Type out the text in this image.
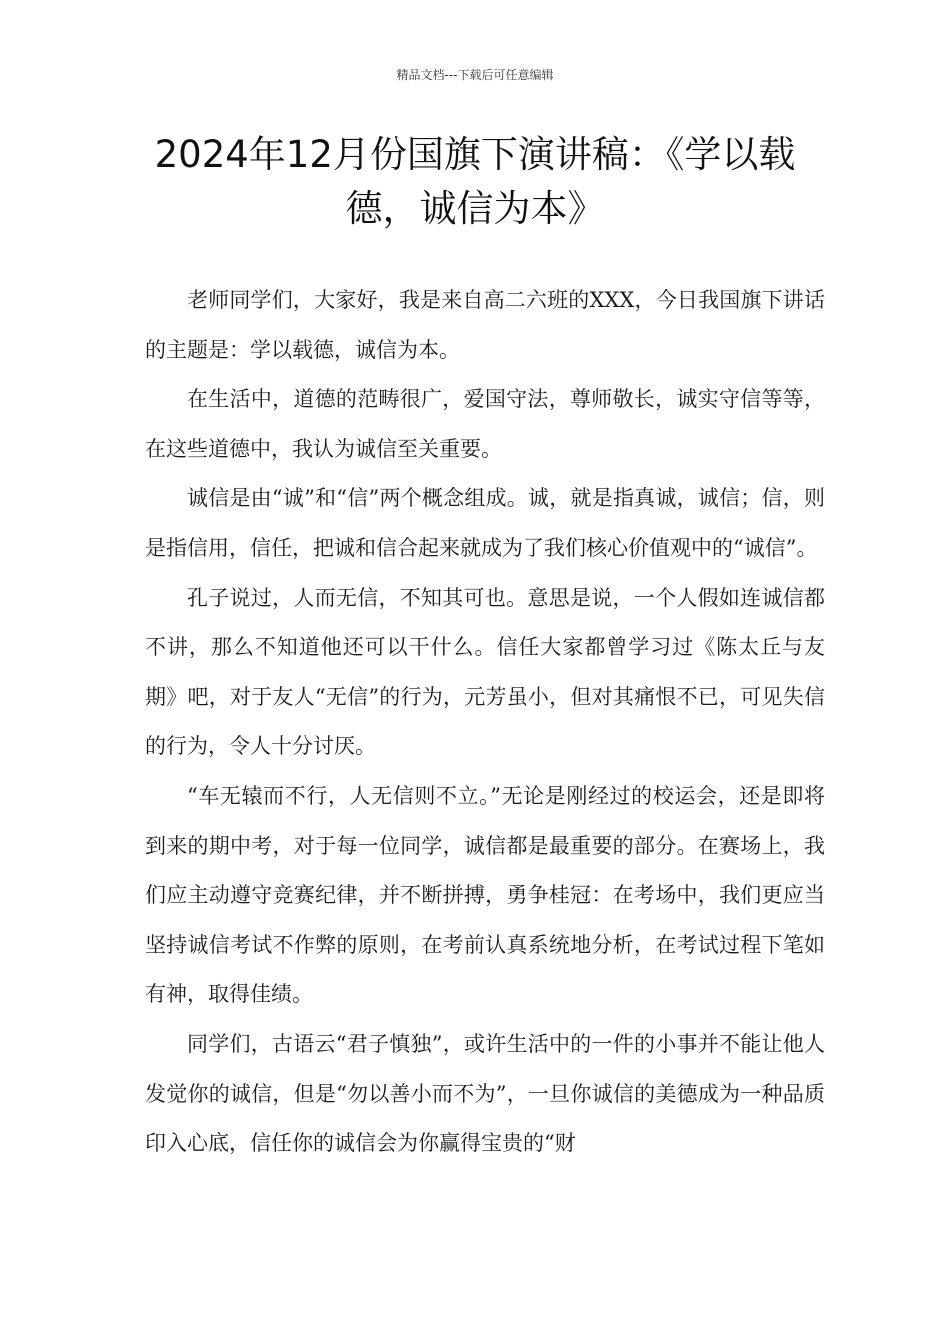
精品文档---下载后可任意编辑
2024年12月份国旗下演讲稿：《学以载德，诚信为本》

老师同学们，大家好，我是来自高二六班的XXX，今日我国旗下讲话的主题是：学以载德，诚信为本。

在生活中，道德的范畴很广，爱国守法，尊师敬长，诚实守信等等，在这些道德中，我认为诚信至关重要。

诚信是由“诚”和“信”两个概念组成。诚，就是指真诚，诚信；信，则是指信用，信任，把诚和信合起来就成为了我们核心价值观中的“诚信”。

孔子说过，人而无信，不知其可也。意思是说，一个人假如连诚信都不讲，那么不知道他还可以干什么。信任大家都曾学习过《陈太丘与友期》吧，对于友人“无信”的行为，元芳虽小，但对其痛恨不已，可见失信的行为，令人十分讨厌。

“车无辕而不行，人无信则不立。”无论是刚经过的校运会，还是即将到来的期中考，对于每一位同学，诚信都是最重要的部分。在赛场上，我们应主动遵守竞赛纪律，并不断拼搏，勇争桂冠：在考场中，我们更应当坚持诚信考试不作弊的原则，在考前认真系统地分析，在考试过程下笔如有神，取得佳绩。

同学们，古语云“君子慎独”，或许生活中的一件的小事并不能让他人发觉你的诚信，但是“勿以善小而不为”，一旦你诚信的美德成为一种品质印入心底，信任你的诚信会为你赢得宝贵的“财
